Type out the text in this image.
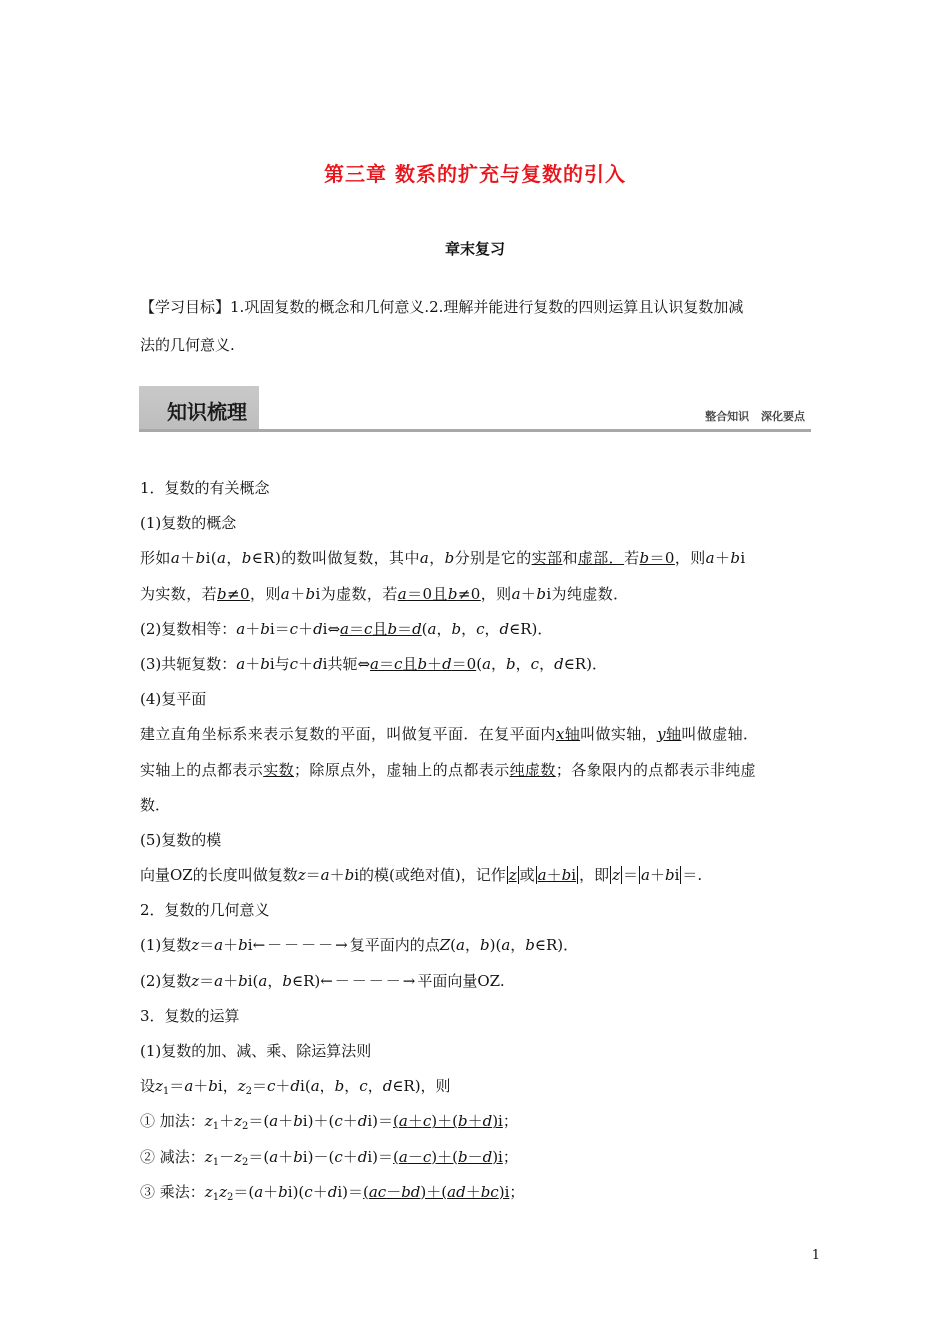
第三章 数系的扩充与复数的引入
章末复习
【学习目标】1.巩固复数的概念和几何意义.2.理解并能进行复数的四则运算且认识复数加减
法的几何意义.
知识梳理	整合知识 深化要点
1．复数的有关概念
(1)复数的概念
形如a＋bi(a，b∈R)的数叫做复数，其中a，b分别是它的实部和虚部．若b＝0，则a＋bi
为实数，若b≠0，则a＋bi为虚数，若a＝0且b≠0，则a＋bi为纯虚数．
(2)复数相等：a＋bi＝c＋di⇔a＝c且b＝d(a，b，c，d∈R)．
(3)共轭复数：a＋bi与c＋di共轭⇔a＝c且b＋d＝0(a，b，c，d∈R)．
(4)复平面
建立直角坐标系来表示复数的平面，叫做复平面．在复平面内x轴叫做实轴，y轴叫做虚轴．
实轴上的点都表示实数；除原点外，虚轴上的点都表示纯虚数；各象限内的点都表示非纯虚
数．
(5)复数的模
向量OZ的长度叫做复数z＝a＋bi的模(或绝对值)，记作 z 或 a＋bi ，即 z ＝ a＋bi ＝.
2．复数的几何意义
(1)复数z＝a＋bi←－－－－→复平面内的点Z(a，b)(a，b∈R)．
(2)复数z＝a＋bi(a，b∈R)←－－－－→平面向量OZ.
3．复数的运算
(1)复数的加、减、乘、除运算法则
设$z_1=a+bi$，$z_2=c+di(a$，b，c，d∈R)，则
① 加法：$z_1+z_2=(a+bi)+(c+di)=(a+c)+(b+d)i$；
② 减法：$z_1-z_2=(a+bi)-(c+di)=(a-c)+(b-d)i$；
③ 乘法：$z_1z_2=(a+bi)(c+di)=(ac-bd)+(ad+bc)i$；
1
